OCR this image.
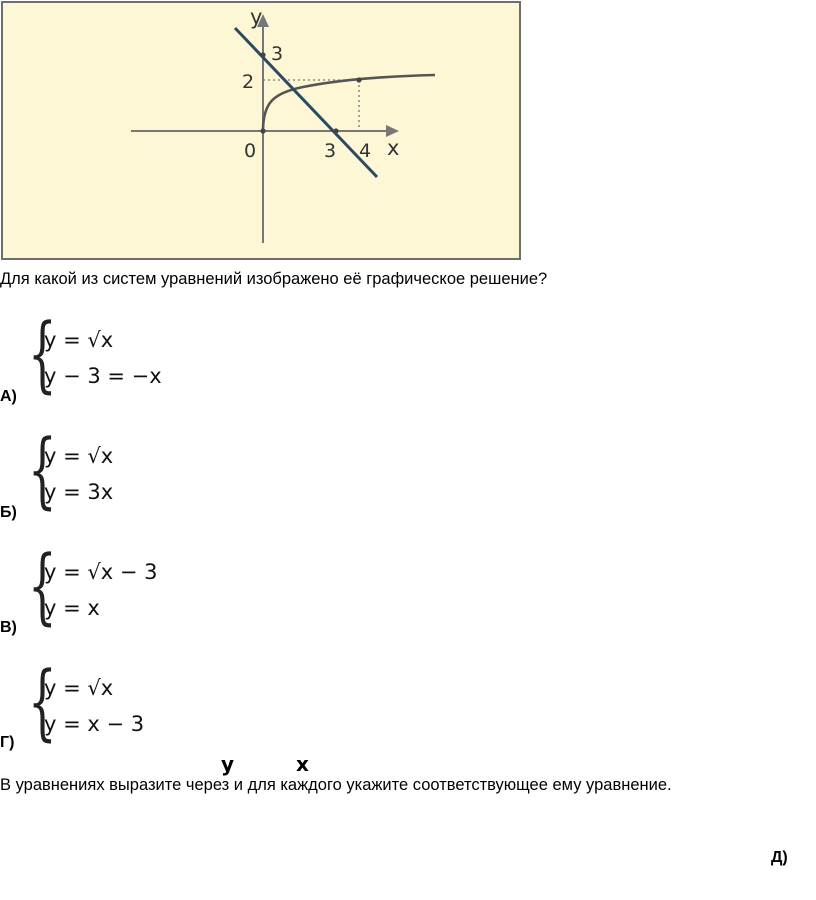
y
x
0
2
3
3 4
Для какой из систем уравнений изображено её графическое решение?
{
y = √x
y − 3 = −x
А)
{
y = √x
y = 3x
Б)
{
y = √x − 3
y = x
В)
{
y = √x
y = x − 3
Г)
y	x
В уравнениях выразите через и для каждого укажите соответствующее ему уравнение.
Д)
